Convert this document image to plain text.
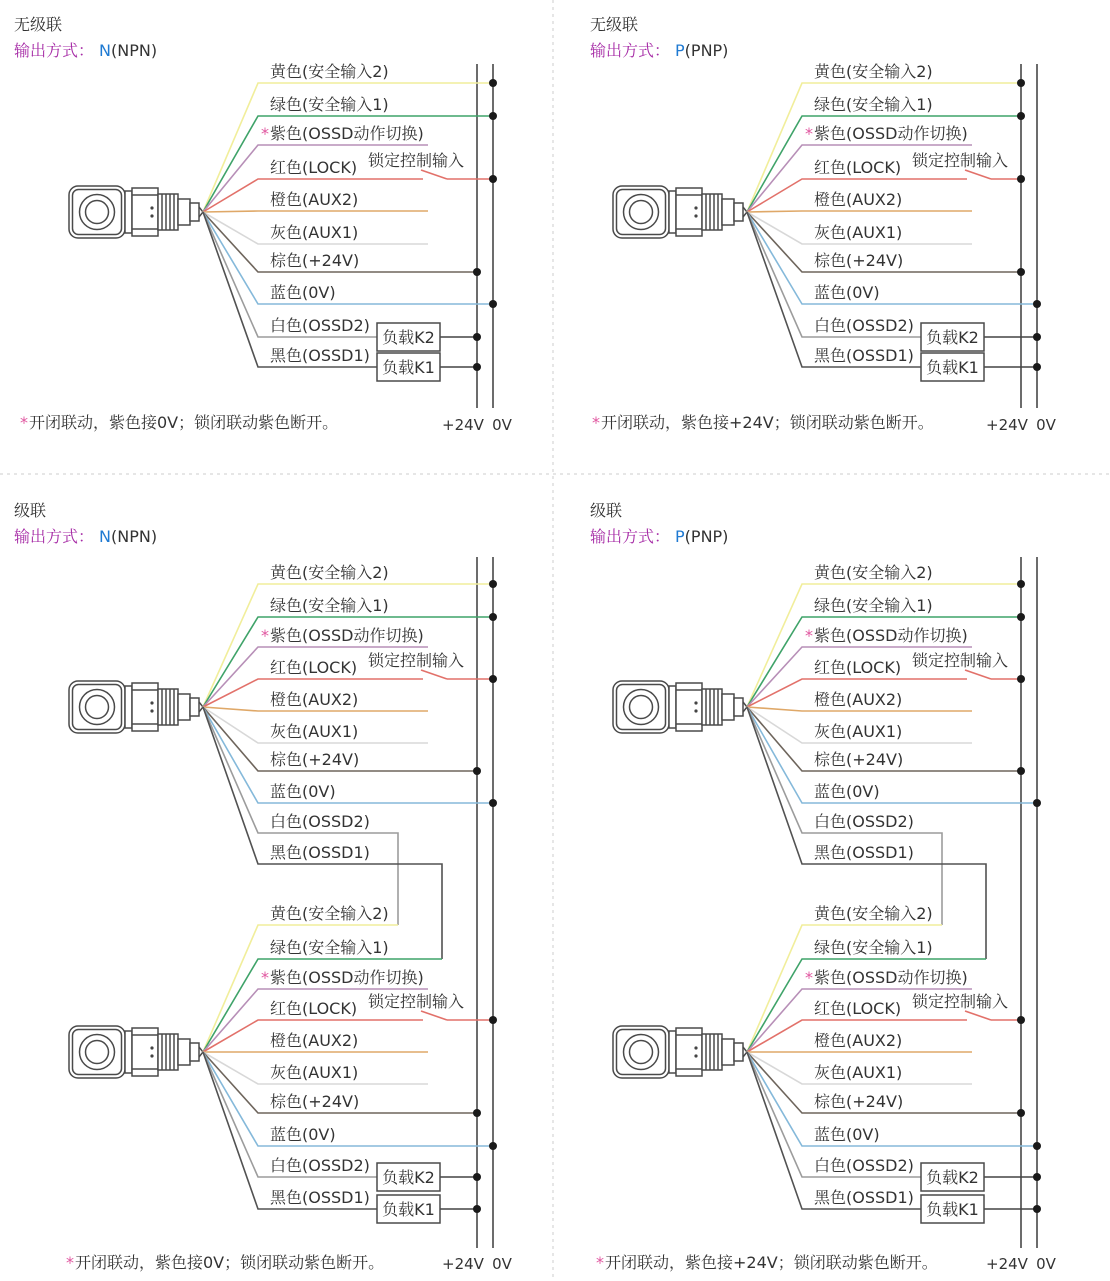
无级联
输出方式： N(NPN)
黄色(安全输入2)
绿色(安全输入1)
*紫色(OSSD动作切换)
红色(LOCK)
橙色(AUX2)
灰色(AUX1)
棕色(+24V)
蓝色(0V)
白色(OSSD2)
黑色(OSSD1)
锁定控制输入
负载K2
负载K1
*开闭联动，紫色接0V；锁闭联动紫色断开。	+24V 0V
无级联
输出方式： P(PNP)
黄色(安全输入2)
绿色(安全输入1)
*紫色(OSSD动作切换)
红色(LOCK)
橙色(AUX2)
灰色(AUX1)
棕色(+24V)
蓝色(0V)
白色(OSSD2)
黑色(OSSD1)
锁定控制输入
负载K2
负载K1
*开闭联动，紫色接+24V；锁闭联动紫色断开。	+24V 0V
级联
输出方式： N(NPN)
黄色(安全输入2)
绿色(安全输入1)
*紫色(OSSD动作切换)
红色(LOCK)
橙色(AUX2)
灰色(AUX1)
棕色(+24V)
蓝色(0V)
白色(OSSD2)
黑色(OSSD1)
锁定控制输入
黄色(安全输入2)
绿色(安全输入1)
*紫色(OSSD动作切换)
红色(LOCK)
橙色(AUX2)
灰色(AUX1)
棕色(+24V)
蓝色(0V)
白色(OSSD2)
黑色(OSSD1)
锁定控制输入
负载K2
负载K1
*开闭联动，紫色接0V；锁闭联动紫色断开。	+24V 0V
级联
输出方式： P(PNP)
黄色(安全输入2)
绿色(安全输入1)
*紫色(OSSD动作切换)
红色(LOCK)
橙色(AUX2)
灰色(AUX1)
棕色(+24V)
蓝色(0V)
白色(OSSD2)
黑色(OSSD1)
锁定控制输入
黄色(安全输入2)
绿色(安全输入1)
*紫色(OSSD动作切换)
红色(LOCK)
橙色(AUX2)
灰色(AUX1)
棕色(+24V)
蓝色(0V)
白色(OSSD2)
黑色(OSSD1)
锁定控制输入
负载K2
负载K1
*开闭联动，紫色接+24V；锁闭联动紫色断开。	+24V 0V
